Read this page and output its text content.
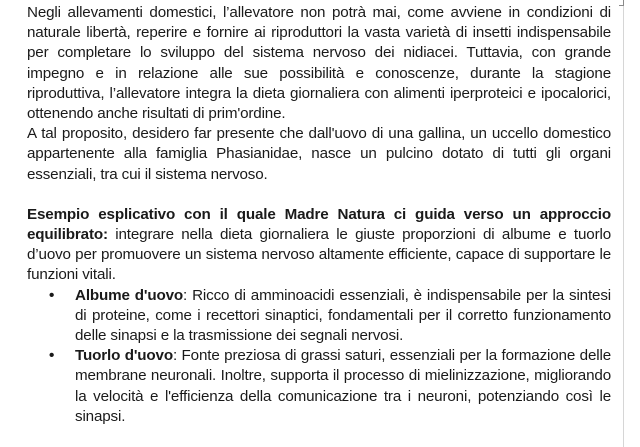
Negli allevamenti domestici, l’allevatore non potrà mai, come avviene in condizioni di naturale libertà, reperire e fornire ai riproduttori la vasta varietà di insetti indispensabile per completare lo sviluppo del sistema nervoso dei nidiacei. Tuttavia, con grande impegno e in relazione alle sue possibilità e conoscenze, durante la stagione riproduttiva, l’allevatore integra la dieta giornaliera con alimenti iperproteici e ipocalorici, ottenendo anche risultati di prim'ordine.

A tal proposito, desidero far presente che dall'uovo di una gallina, un uccello domestico appartenente alla famiglia Phasianidae, nasce un pulcino dotato di tutti gli organi essenziali, tra cui il sistema nervoso.

Esempio esplicativo con il quale Madre Natura ci guida verso un approccio equilibrato: integrare nella dieta giornaliera le giuste proporzioni di albume e tuorlo d’uovo per promuovere un sistema nervoso altamente efficiente, capace di supportare le funzioni vitali.

• Albume d'uovo: Ricco di amminoacidi essenziali, è indispensabile per la sintesi di proteine, come i recettori sinaptici, fondamentali per il corretto funzionamento delle sinapsi e la trasmissione dei segnali nervosi.
• Tuorlo d'uovo: Fonte preziosa di grassi saturi, essenziali per la formazione delle membrane neuronali. Inoltre, supporta il processo di mielinizzazione, migliorando la velocità e l'efficienza della comunicazione tra i neuroni, potenziando così le sinapsi.
